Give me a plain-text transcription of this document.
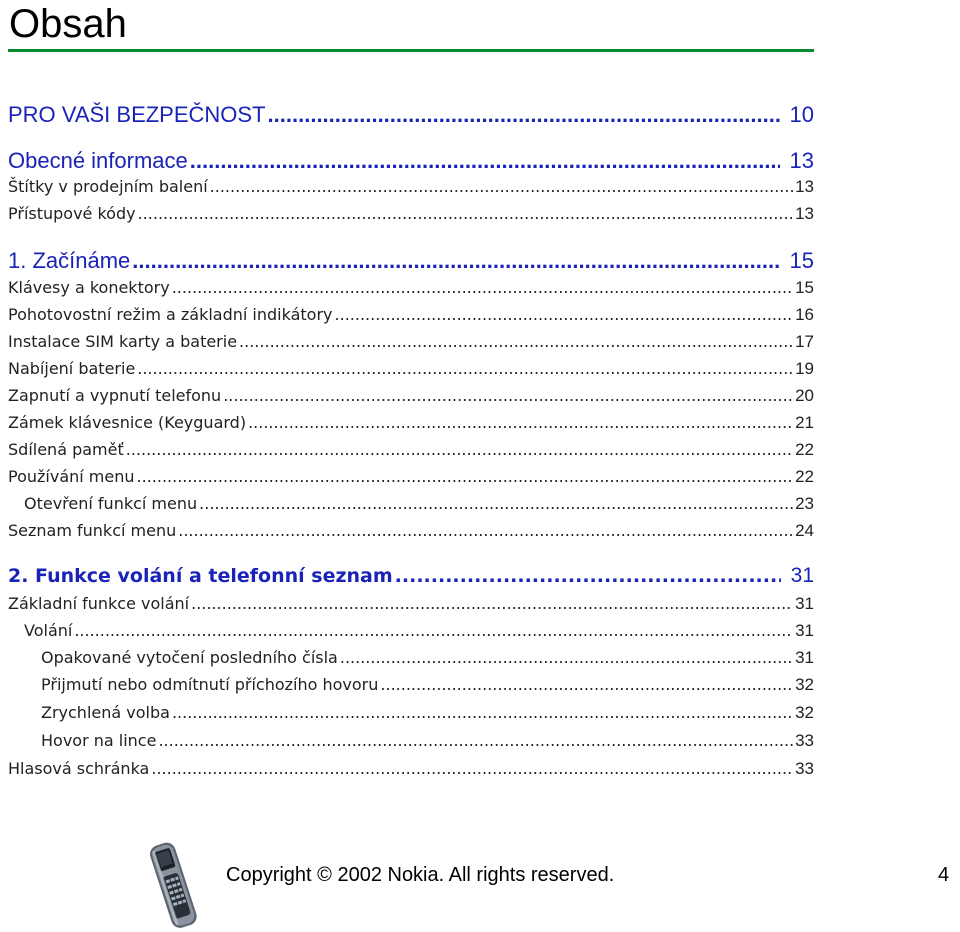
Obsah
PRO VAŠI BEZPEČNOST .....	10
Obecné informace .....	13
Štítky v prodejním balení .....	13
Přístupové kódy .....	13
1. Začínáme .....	15
Klávesy a konektory .....	15
Pohotovostní režim a základní indikátory .....	16
Instalace SIM karty a baterie .....	17
Nabíjení baterie .....	19
Zapnutí a vypnutí telefonu .....	20
Zámek klávesnice (Keyguard) .....	21
Sdílená paměť .....	22
Používání menu .....	22
Otevření funkcí menu .....	23
Seznam funkcí menu .....	24
2. Funkce volání a telefonní seznam .....	31
Základní funkce volání .....	31
Volání .....	31
Opakované vytočení posledního čísla .....	31
Přijmutí nebo odmítnutí příchozího hovoru .....	32
Zrychlená volba .....	32
Hovor na lince .....	33
Hlasová schránka .....	33
Copyright © 2002 Nokia. All rights reserved.	4
